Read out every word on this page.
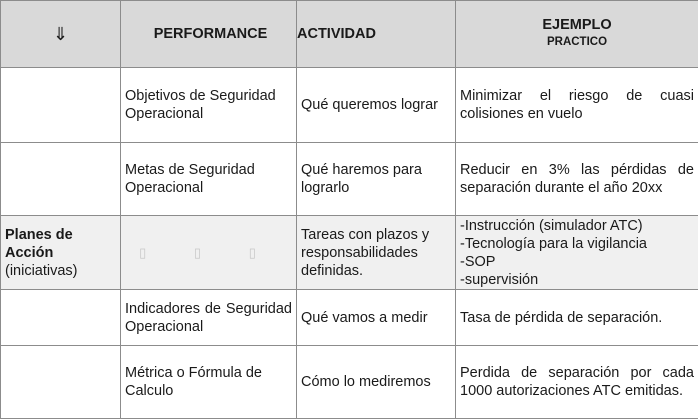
⇓	PERFORMANCE	ACTIVIDAD	EJEMPLO
PRACTICO

	Objetivos de Seguridad Operacional	Qué queremos lograr	Minimizar el riesgo de cuasi colisiones en vuelo
	Metas de Seguridad Operacional	Qué haremos para lograrlo	Reducir en 3% las pérdidas de separación durante el año 20xx

Planes de Acción
(iniciativas)	▯ ▯ ▯	Tareas con plazos y responsabilidades definidas.	-Instrucción (simulador ATC)
-Tecnología para la vigilancia
-SOP
-supervisión

	Indicadores de Seguridad Operacional	Qué vamos a medir	Tasa de pérdida de separación.
	Métrica o Fórmula de Calculo	Cómo lo mediremos	Perdida de separación por cada 1000 autorizaciones ATC emitidas.
